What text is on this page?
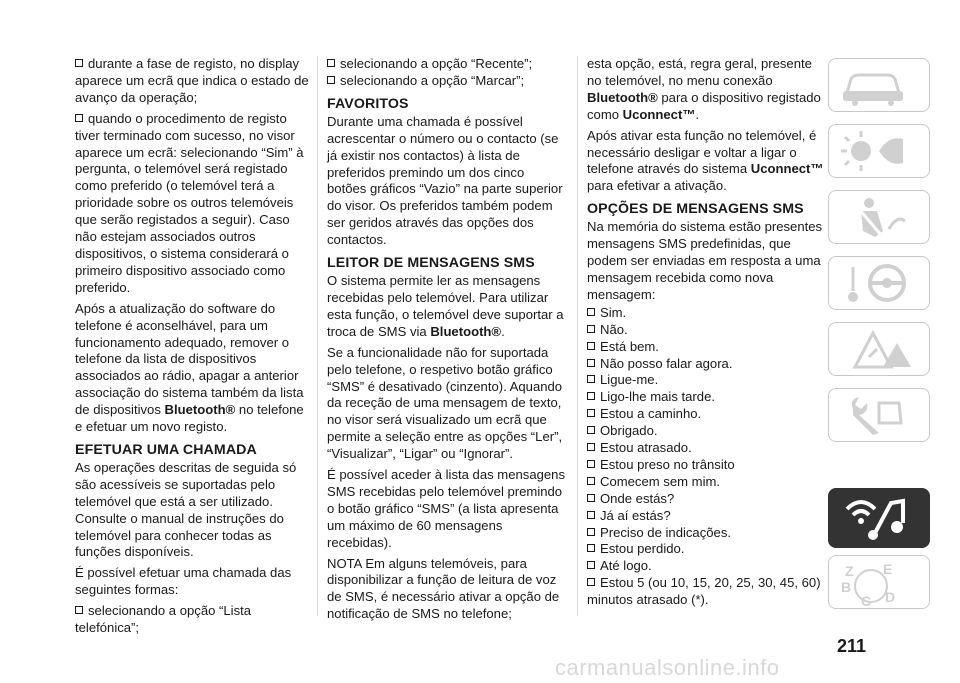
durante a fase de registo, no display aparece um ecrã que indica o estado de avanço da operação;

quando o procedimento de registo tiver terminado com sucesso, no visor aparece um ecrã: selecionando “Sim” à pergunta, o telemóvel será registado como preferido (o telemóvel terá a prioridade sobre os outros telemóveis que serão registados a seguir). Caso não estejam associados outros dispositivos, o sistema considerará o primeiro dispositivo associado como preferido.

Após a atualização do software do telefone é aconselhável, para um funcionamento adequado, remover o telefone da lista de dispositivos associados ao rádio, apagar a anterior associação do sistema também da lista de dispositivos Bluetooth® no telefone e efetuar um novo registo.

EFETUAR UMA CHAMADA

As operações descritas de seguida só são acessíveis se suportadas pelo telemóvel que está a ser utilizado. Consulte o manual de instruções do telemóvel para conhecer todas as funções disponíveis.

É possível efetuar uma chamada das seguintes formas:

selecionando a opção “Lista telefónica”;

selecionando a opção “Recente”;

selecionando a opção “Marcar”;

FAVORITOS

Durante uma chamada é possível acrescentar o número ou o contacto (se já existir nos contactos) à lista de preferidos premindo um dos cinco botões gráficos “Vazio” na parte superior do visor. Os preferidos também podem ser geridos através das opções dos contactos.

LEITOR DE MENSAGENS SMS

O sistema permite ler as mensagens recebidas pelo telemóvel. Para utilizar esta função, o telemóvel deve suportar a troca de SMS via Bluetooth®.

Se a funcionalidade não for suportada pelo telefone, o respetivo botão gráfico “SMS” é desativado (cinzento). Aquando da receção de uma mensagem de texto, no visor será visualizado um ecrã que permite a seleção entre as opções “Ler”, “Visualizar”, “Ligar” ou “Ignorar”.

É possível aceder à lista das mensagens SMS recebidas pelo telemóvel premindo o botão gráfico “SMS” (a lista apresenta um máximo de 60 mensagens recebidas).

NOTA Em alguns telemóveis, para disponibilizar a função de leitura de voz de SMS, é necessário ativar a opção de notificação de SMS no telefone;

esta opção, está, regra geral, presente no telemóvel, no menu conexão Bluetooth® para o dispositivo registado como Uconnect™.

Após ativar esta função no telemóvel, é necessário desligar e voltar a ligar o telefone através do sistema Uconnect™ para efetivar a ativação.

OPÇÕES DE MENSAGENS SMS

Na memória do sistema estão presentes mensagens SMS predefinidas, que podem ser enviadas em resposta a uma mensagem recebida como nova mensagem:

Sim.
Não.
Está bem.
Não posso falar agora.
Ligue-me.
Ligo-lhe mais tarde.
Estou a caminho.
Obrigado.
Estou atrasado.
Estou preso no trânsito
Comecem sem mim.
Onde estás?
Já aí estás?
Preciso de indicações.
Estou perdido.
Até logo.
Estou 5 (ou 10, 15, 20, 25, 30, 45, 60) minutos atrasado (*).
Z E
B
D
C
211
carmanualsonline.info
